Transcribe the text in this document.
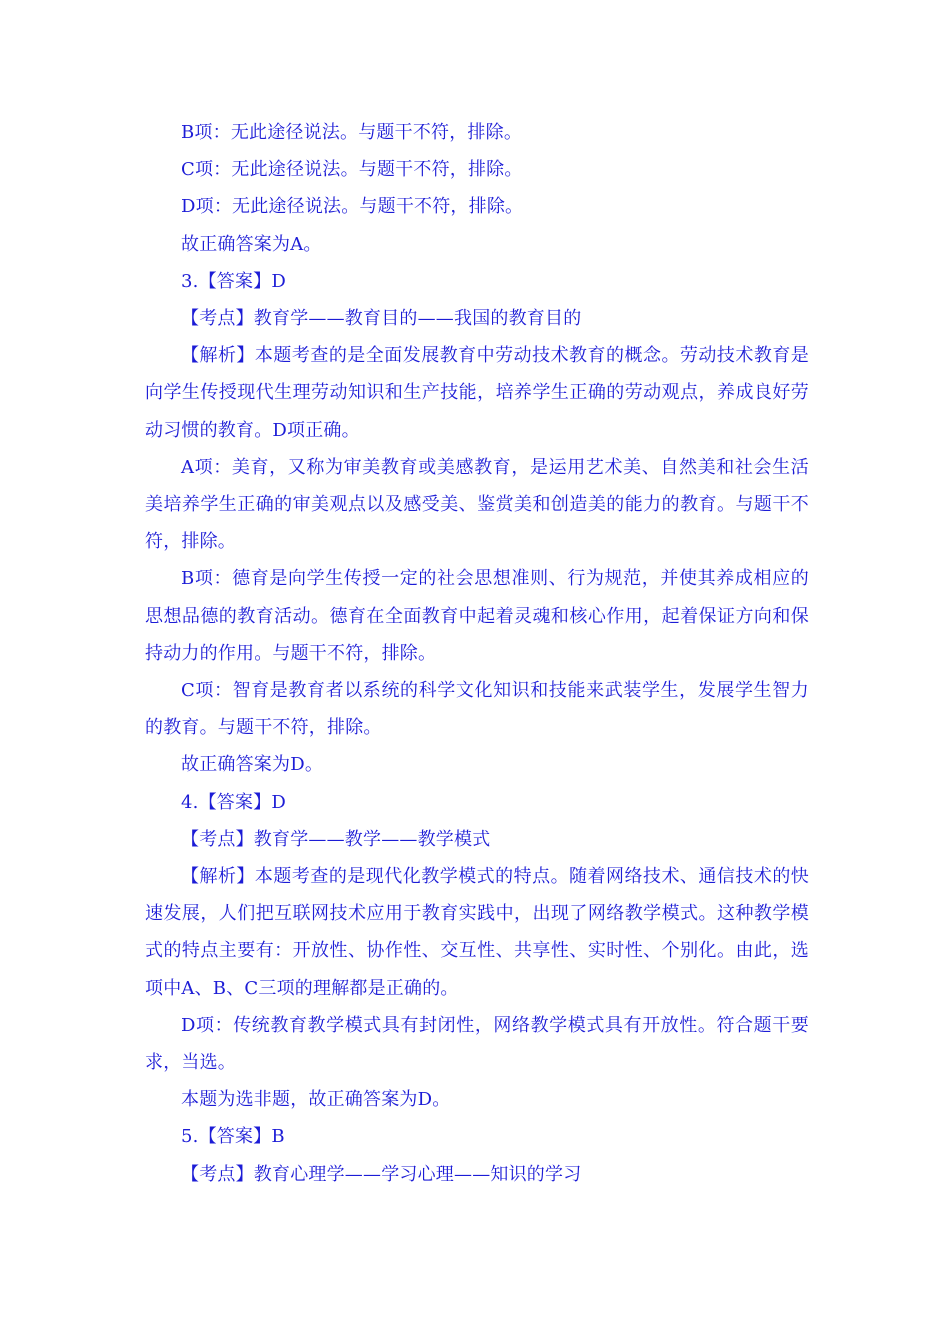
B项：无此途径说法。与题干不符，排除。

C项：无此途径说法。与题干不符，排除。

D项：无此途径说法。与题干不符，排除。

故正确答案为A。

3.【答案】D

【考点】教育学——教育目的——我国的教育目的

【解析】本题考查的是全面发展教育中劳动技术教育的概念。劳动技术教育是向学生传授现代生理劳动知识和生产技能，培养学生正确的劳动观点，养成良好劳动习惯的教育。D项正确。

A项：美育，又称为审美教育或美感教育，是运用艺术美、自然美和社会生活美培养学生正确的审美观点以及感受美、鉴赏美和创造美的能力的教育。与题干不符，排除。

B项：德育是向学生传授一定的社会思想准则、行为规范，并使其养成相应的思想品德的教育活动。德育在全面教育中起着灵魂和核心作用，起着保证方向和保持动力的作用。与题干不符，排除。

C项：智育是教育者以系统的科学文化知识和技能来武装学生，发展学生智力的教育。与题干不符，排除。

故正确答案为D。

4.【答案】D

【考点】教育学——教学——教学模式

【解析】本题考查的是现代化教学模式的特点。随着网络技术、通信技术的快速发展，人们把互联网技术应用于教育实践中，出现了网络教学模式。这种教学模式的特点主要有：开放性、协作性、交互性、共享性、实时性、个别化。由此，选项中A、B、C三项的理解都是正确的。

D项：传统教育教学模式具有封闭性，网络教学模式具有开放性。符合题干要求，当选。

本题为选非题，故正确答案为D。

5.【答案】B

【考点】教育心理学——学习心理——知识的学习
